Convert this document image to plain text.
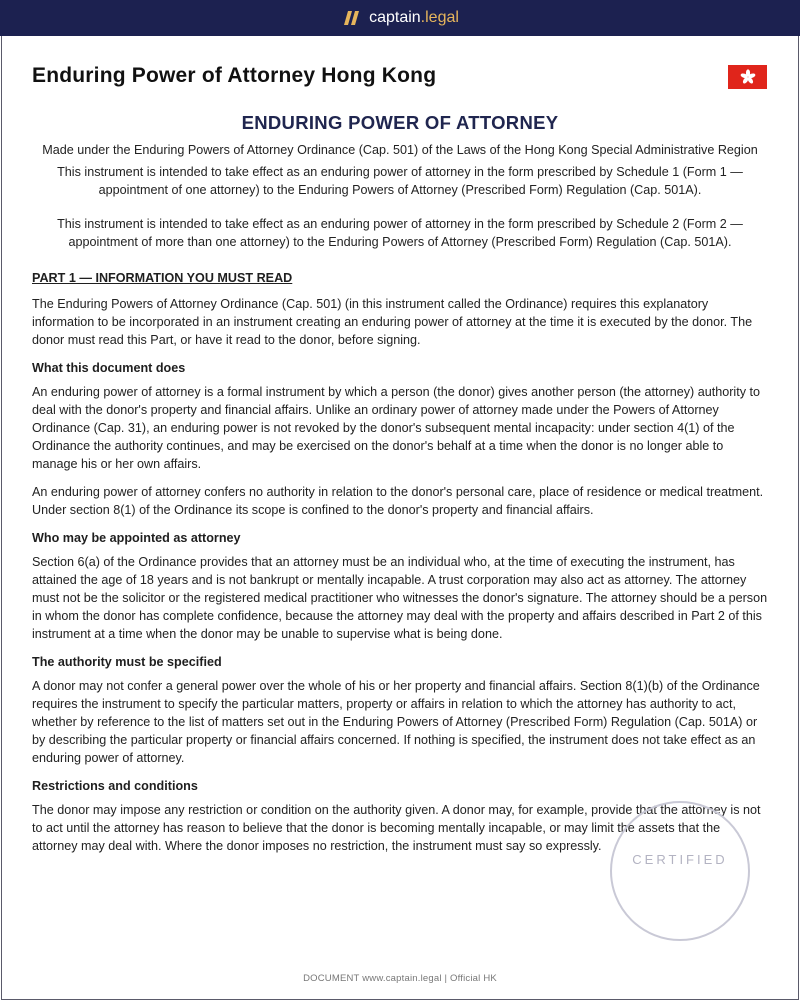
captain .legal
Enduring Power of Attorney Hong Kong
ENDURING POWER OF ATTORNEY

Made under the Enduring Powers of Attorney Ordinance (Cap. 501) of the Laws of the Hong Kong Special Administrative Region

This instrument is intended to take effect as an enduring power of attorney in the form prescribed by Schedule 1 (Form 1 — appointment of one attorney) to the Enduring Powers of Attorney (Prescribed Form) Regulation (Cap. 501A).

This instrument is intended to take effect as an enduring power of attorney in the form prescribed by Schedule 2 (Form 2 — appointment of more than one attorney) to the Enduring Powers of Attorney (Prescribed Form) Regulation (Cap. 501A).

PART 1 — INFORMATION YOU MUST READ

The Enduring Powers of Attorney Ordinance (Cap. 501) (in this instrument called the Ordinance) requires this explanatory information to be incorporated in an instrument creating an enduring power of attorney at the time it is executed by the donor. The donor must read this Part, or have it read to the donor, before signing.

What this document does

An enduring power of attorney is a formal instrument by which a person (the donor) gives another person (the attorney) authority to deal with the donor's property and financial affairs. Unlike an ordinary power of attorney made under the Powers of Attorney Ordinance (Cap. 31), an enduring power is not revoked by the donor's subsequent mental incapacity: under section 4(1) of the Ordinance the authority continues, and may be exercised on the donor's behalf at a time when the donor is no longer able to manage his or her own affairs.

An enduring power of attorney confers no authority in relation to the donor's personal care, place of residence or medical treatment. Under section 8(1) of the Ordinance its scope is confined to the donor's property and financial affairs.

Who may be appointed as attorney

Section 6(a) of the Ordinance provides that an attorney must be an individual who, at the time of executing the instrument, has attained the age of 18 years and is not bankrupt or mentally incapable. A trust corporation may also act as attorney. The attorney must not be the solicitor or the registered medical practitioner who witnesses the donor's signature. The attorney should be a person in whom the donor has complete confidence, because the attorney may deal with the property and affairs described in Part 2 of this instrument at a time when the donor may be unable to supervise what is being done.

The authority must be specified

A donor may not confer a general power over the whole of his or her property and financial affairs. Section 8(1)(b) of the Ordinance requires the instrument to specify the particular matters, property or affairs in relation to which the attorney has authority to act, whether by reference to the list of matters set out in the Enduring Powers of Attorney (Prescribed Form) Regulation (Cap. 501A) or by describing the particular property or financial affairs concerned. If nothing is specified, the instrument does not take effect as an enduring power of attorney.

Restrictions and conditions

The donor may impose any restriction or condition on the authority given. A donor may, for example, provide that the attorney is not to act until the attorney has reason to believe that the donor is becoming mentally incapable, or may limit the assets that the attorney may deal with. Where the donor imposes no restriction, the instrument must say so expressly.

CERTIFIED
DOCUMENT www.captain.legal | Official HK
